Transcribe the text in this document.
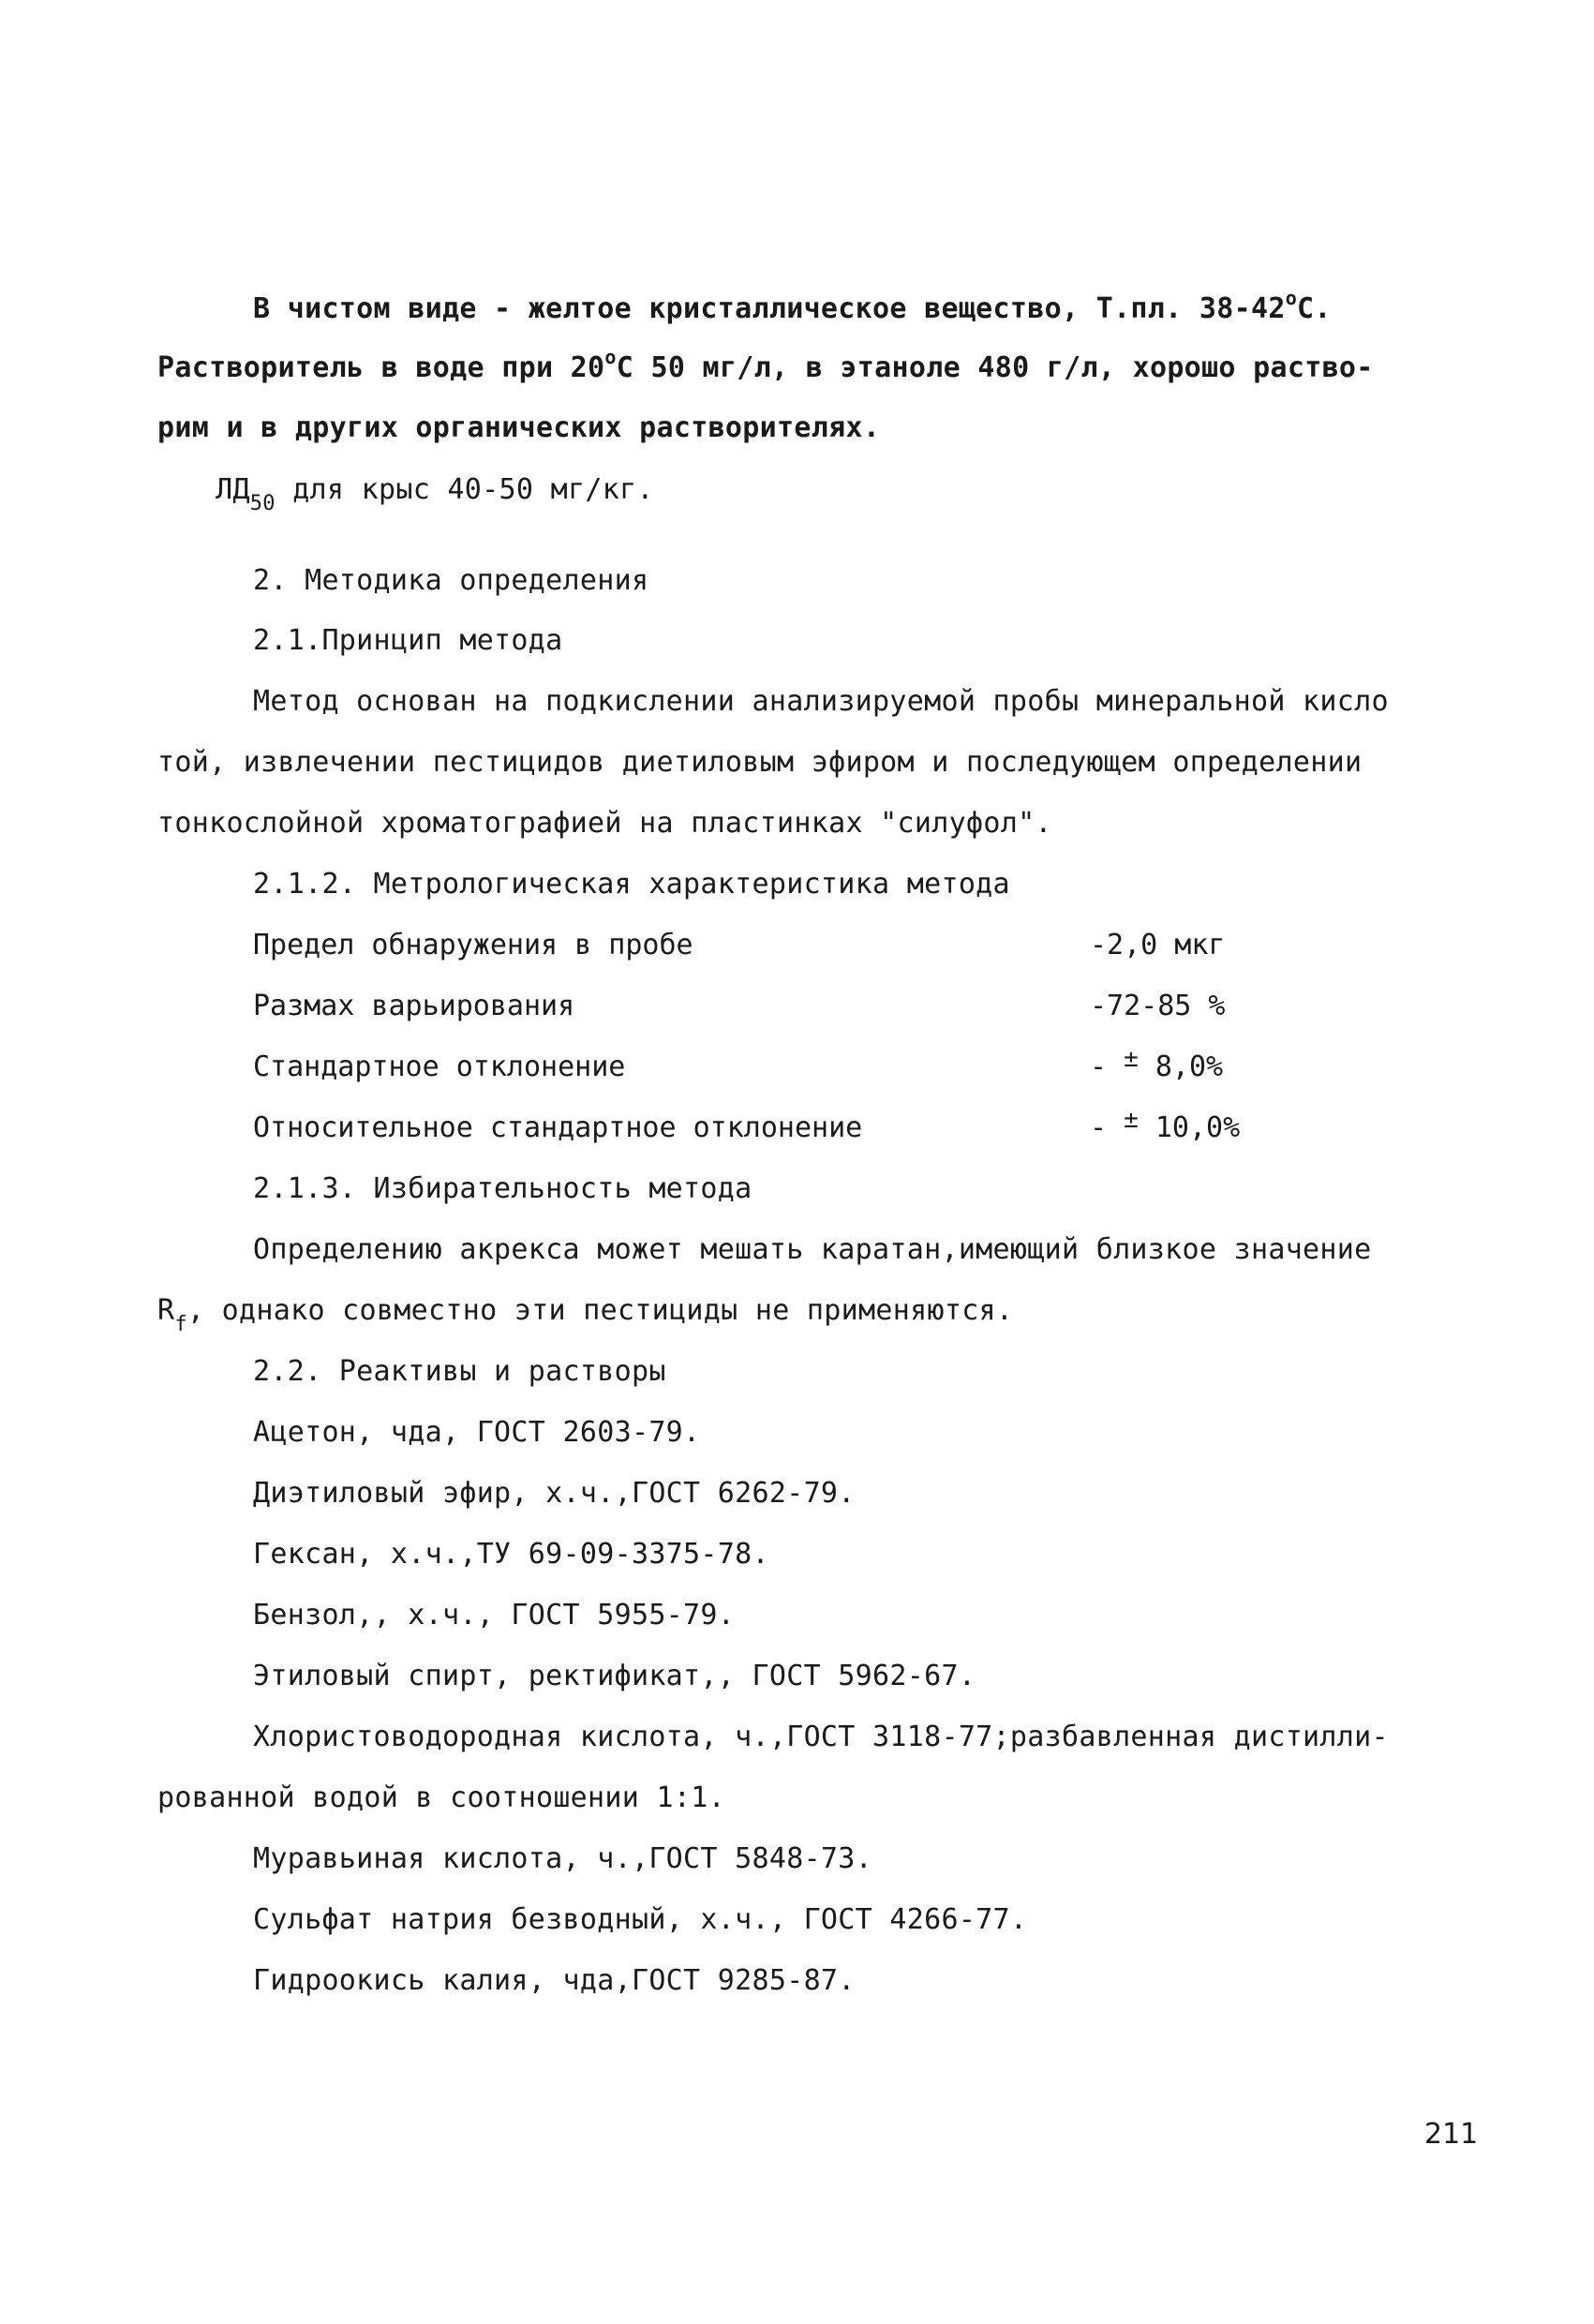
В чистом виде - желтое кристаллическое вещество, Т.пл. 38-42$^o$С.
Растворитель в воде при 20$^o$С 50 мг/л, в этаноле 480 г/л, хорошо раство-
рим и в других органических растворителях.
$ЛД_{50}$ для крыс 40-50 мг/кг.
2. Методика определения
2.1.Принцип метода
Метод основан на подкислении анализируемой пробы минеральной кисло
той, извлечении пестицидов диетиловым эфиром и последующем определении
тонкослойной хроматографией на пластинках "силуфол".
2.1.2. Метрологическая характеристика метода
Предел обнаружения в пробе	-2,0 мкг
Размах варьирования	-72-85 %
Стандартное отклонение	- ± 8,0%
Относительное стандартное отклонение	- ± 10,0%
2.1.3. Избирательность метода
Определению акрекса может мешать каратан,имеющий близкое значение
$R_f$, однако совместно эти пестициды не применяются.
2.2. Реактивы и растворы
Ацетон, чда, ГОСТ 2603-79.
Диэтиловый эфир, х.ч.,ГОСТ 6262-79.
Гексан, х.ч.,ТУ 69-09-3375-78.
Бензол,, х.ч., ГОСТ 5955-79.
Этиловый спирт, ректификат,, ГОСТ 5962-67.
Хлористоводородная кислота, ч.,ГОСТ 3118-77;разбавленная дистилли-
рованной водой в соотношении 1:1.
Муравьиная кислота, ч.,ГОСТ 5848-73.
Сульфат натрия безводный, х.ч., ГОСТ 4266-77.
Гидроокись калия, чда,ГОСТ 9285-87.
211
